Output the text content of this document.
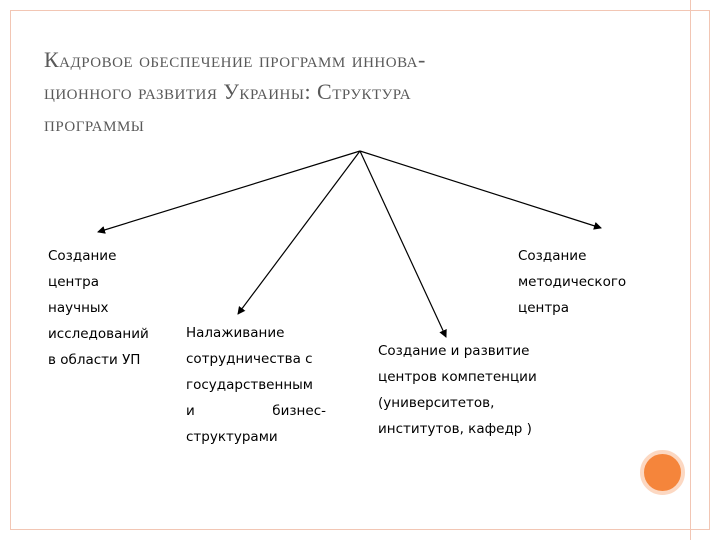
Кадровое обеспечение программ иннова-
ционного развития Украины: Структура
программы
Создание
центра
научных
исследований
в области УП
Налаживание
сотрудничества с
государственным
и	бизнес-
структурами
Создание и развитие
центров компетенции
(университетов,
институтов, кафедр )
Создание
методического
центра
